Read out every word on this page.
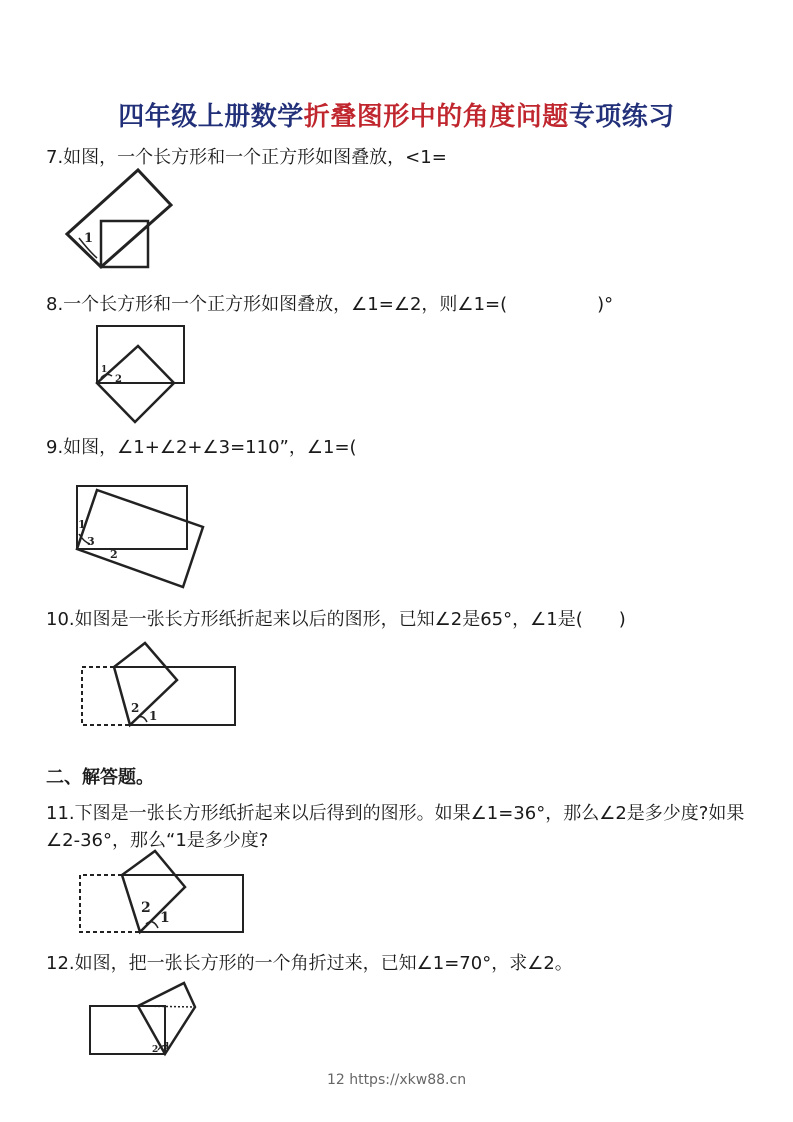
四年级上册数学折叠图形中的角度问题专项练习
7.如图，一个长方形和一个正方形如图叠放，<1=
1
8.一个长方形和一个正方形如图叠放，∠1=∠2，则∠1=(　　　　　)°
1
2
9.如图，∠1+∠2+∠3=110”，∠1=(
1
3
2
10.如图是一张长方形纸折起来以后的图形，已知∠2是65°，∠1是(　　)
2
1
二、解答题。
11.下图是一张长方形纸折起来以后得到的图形。如果∠1=36°，那么∠2是多少度?如果∠2-36°，那么“1是多少度?
2
1
12.如图，把一张长方形的一个角折过来，已知∠1=70°，求∠2。
2 1
12 https://xkw88.cn
